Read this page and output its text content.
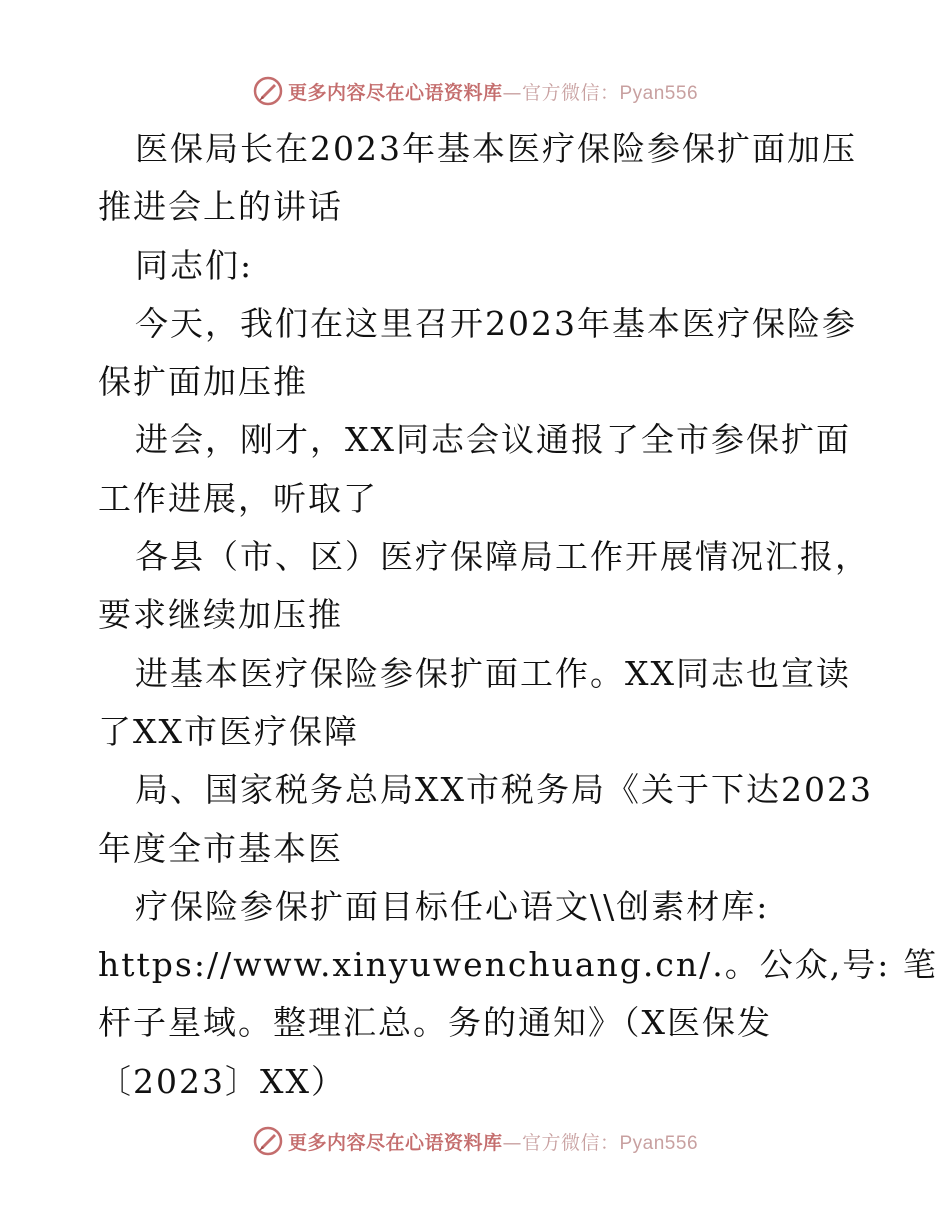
更多内容尽在心语资料库—官方微信：Pyan556
医保局长在2023年基本医疗保险参保扩面加压
推进会上的讲话
同志们:
今天，我们在这里召开2023年基本医疗保险参
保扩面加压推
进会，刚才，XX同志会议通报了全市参保扩面
工作进展，听取了
各县（市、区）医疗保障局工作开展情况汇报，
要求继续加压推
进基本医疗保险参保扩面工作。XX同志也宣读
了XX市医疗保障
局、国家税务总局XX市税务局《关于下达2023
年度全市基本医
疗保险参保扩面目标任心语文\\创素材库:
https://www.xinyuwenchuang.cn/.。公众,号: 笔
杆子星域。整理汇总。务的通知》（X医保发
〔2023〕XX）
更多内容尽在心语资料库—官方微信：Pyan556
